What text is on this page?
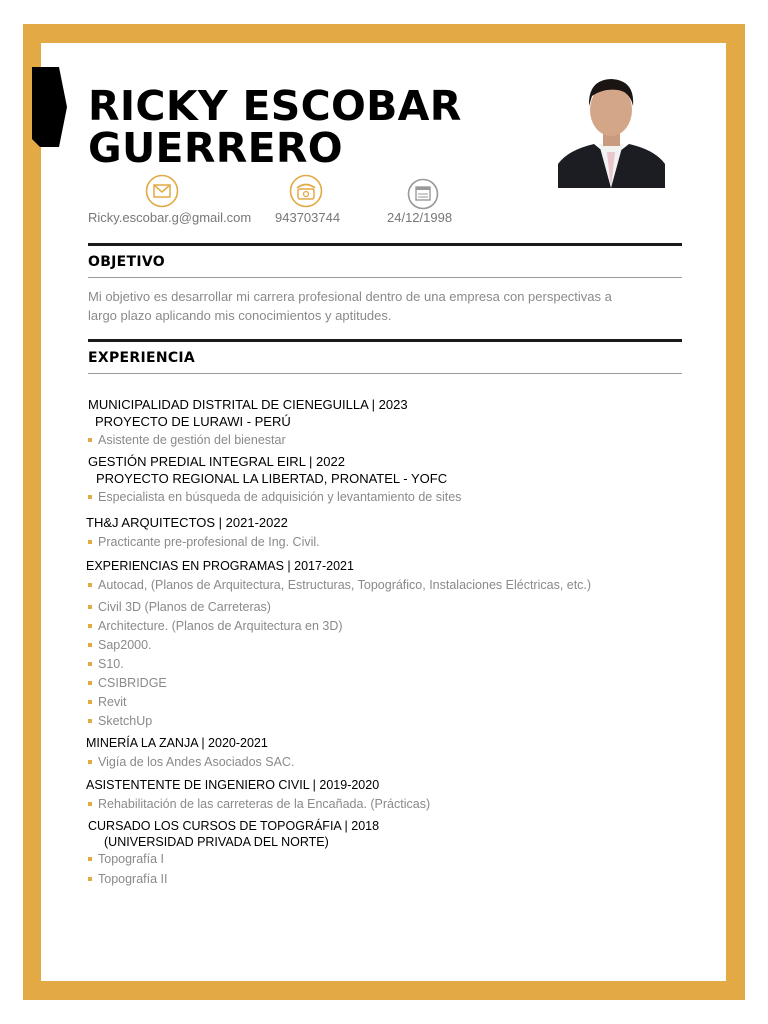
RICKY ESCOBAR
GUERRERO
Ricky.escobar.g@gmail.com 943703744	24/12/1998
OBJETIVO
Mi objetivo es desarrollar mi carrera profesional dentro de una empresa con perspectivas a
largo plazo aplicando mis conocimientos y aptitudes.
EXPERIENCIA
MUNICIPALIDAD DISTRITAL DE CIENEGUILLA | 2023
PROYECTO DE LURAWI - PERÚ
Asistente de gestión del bienestar
GESTIÓN PREDIAL INTEGRAL EIRL | 2022
PROYECTO REGIONAL LA LIBERTAD, PRONATEL - YOFC
Especialista en búsqueda de adquisición y levantamiento de sites
TH&J ARQUITECTOS | 2021-2022
Practicante pre-profesional de Ing. Civil.
EXPERIENCIAS EN PROGRAMAS | 2017-2021
Autocad, (Planos de Arquitectura, Estructuras, Topográfico, Instalaciones Eléctricas, etc.)
Civil 3D (Planos de Carreteras)
Architecture. (Planos de Arquitectura en 3D)
Sap2000.
S10.
CSIBRIDGE
Revit
SketchUp
MINERÍA LA ZANJA | 2020-2021
Vigía de los Andes Asociados SAC.
ASISTENTENTE DE INGENIERO CIVIL | 2019-2020
Rehabilitación de las carreteras de la Encañada. (Prácticas)
CURSADO LOS CURSOS DE TOPOGRÁFIA | 2018
(UNIVERSIDAD PRIVADA DEL NORTE)
Topografía I
Topografía II
